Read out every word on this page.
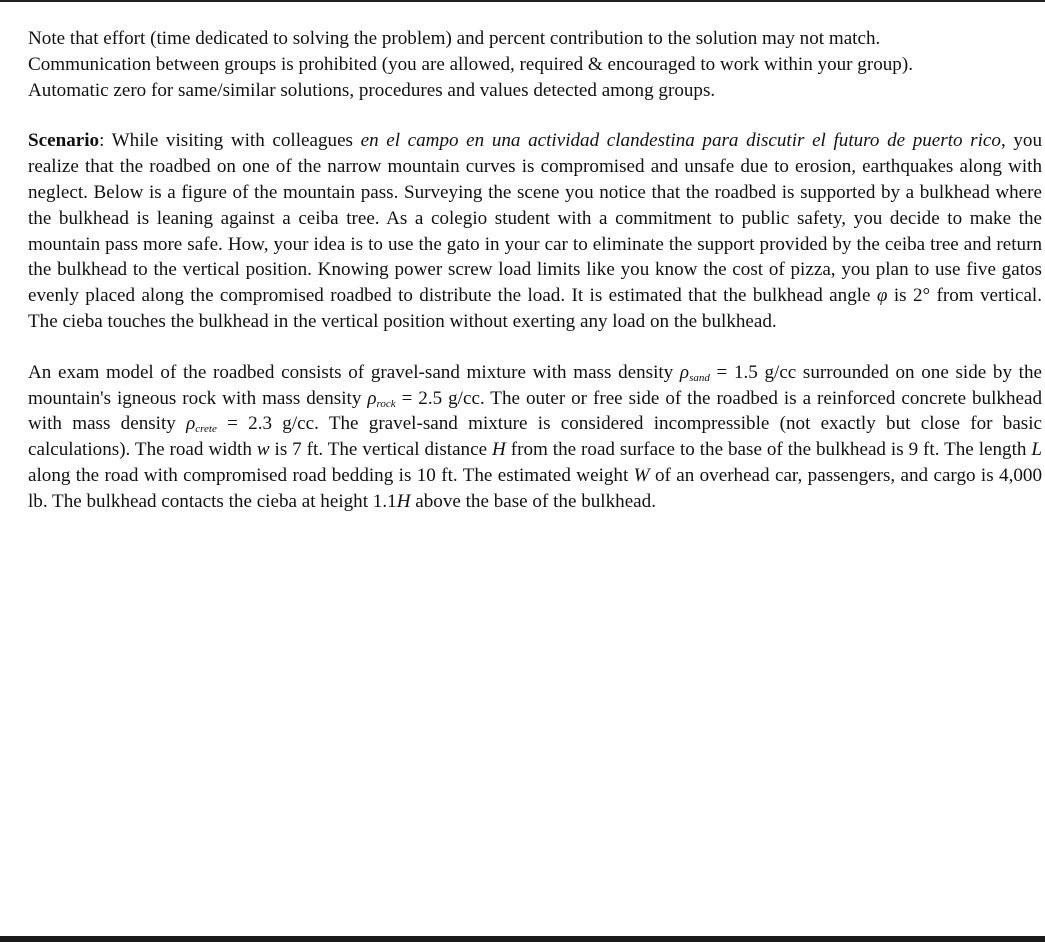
Note that effort (time dedicated to solving the problem) and percent contribution to the solution may not match.
Communication between groups is prohibited (you are allowed, required & encouraged to work within your group).
Automatic zero for same/similar solutions, procedures and values detected among groups.

Scenario: While visiting with colleagues en el campo en una actividad clandestina para discutir el futuro de puerto rico, you realize that the roadbed on one of the narrow mountain curves is compromised and unsafe due to erosion, earthquakes along with neglect. Below is a figure of the mountain pass. Surveying the scene you notice that the roadbed is supported by a bulkhead where the bulkhead is leaning against a ceiba tree. As a colegio student with a commitment to public safety, you decide to make the mountain pass more safe. How, your idea is to use the gato in your car to eliminate the support provided by the ceiba tree and return the bulkhead to the vertical position. Knowing power screw load limits like you know the cost of pizza, you plan to use five gatos evenly placed along the compromised roadbed to distribute the load. It is estimated that the bulkhead angle φ is 2° from vertical. The cieba touches the bulkhead in the vertical position without exerting any load on the bulkhead.

An exam model of the roadbed consists of gravel-sand mixture with mass density $\rho_{sand} = 1.5$ g/cc surrounded on one side by the mountain's igneous rock with mass density $\rho_{rock} = 2.5$ g/cc. The outer or free side of the roadbed is a reinforced concrete bulkhead with mass density $\rho_{crete} = 2.3$ g/cc. The gravel-sand mixture is considered incompressible (not exactly but close for basic calculations). The road width w is 7 ft. The vertical distance H from the road surface to the base of the bulkhead is 9 ft. The length L along the road with compromised road bedding is 10 ft. The estimated weight W of an overhead car, passengers, and cargo is 4,000 lb. The bulkhead contacts the cieba at height 1.1H above the base of the bulkhead.
